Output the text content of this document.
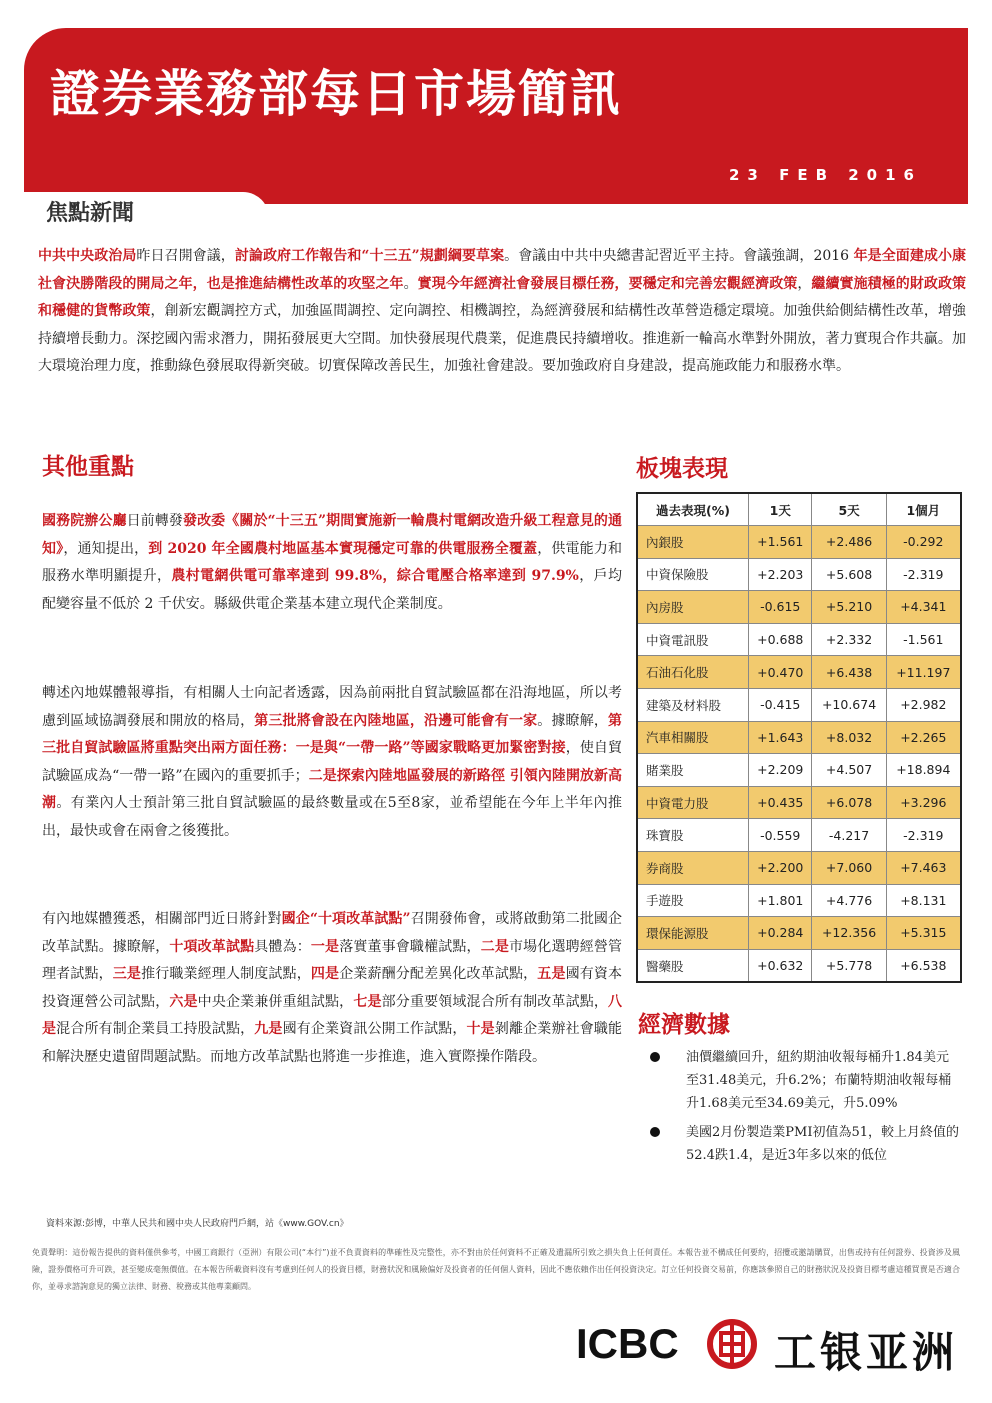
證券業務部每日市場簡訊
23 FEB 2016
焦點新聞

中共中央政治局昨日召開會議，討論政府工作報告和“十三五”規劃綱要草案。會議由中共中央總書記習近平主持。會議強調，2016 年是全面建成小康社會決勝階段的開局之年，也是推進結構性改革的攻堅之年。實現今年經濟社會發展目標任務，要穩定和完善宏觀經濟政策，繼續實施積極的財政政策和穩健的貨幣政策，創新宏觀調控方式，加強區間調控、定向調控、相機調控，為經濟發展和結構性改革營造穩定環境。加強供給側結構性改革，增強持續增長動力。深挖國內需求潛力，開拓發展更大空間。加快發展現代農業，促進農民持續增收。推進新一輪高水準對外開放，著力實現合作共贏。加大環境治理力度，推動綠色發展取得新突破。切實保障改善民生，加強社會建設。要加強政府自身建設，提高施政能力和服務水準。

其他重點

國務院辦公廳日前轉發發改委《關於“十三五”期間實施新一輪農村電網改造升級工程意見的通知》，通知提出，到 2020 年全國農村地區基本實現穩定可靠的供電服務全覆蓋，供電能力和服務水準明顯提升，農村電網供電可靠率達到 99.8%，綜合電壓合格率達到 97.9%，戶均配變容量不低於 2 千伏安。縣級供電企業基本建立現代企業制度。

轉述內地媒體報導指，有相關人士向記者透露，因為前兩批自貿試驗區都在沿海地區，所以考慮到區域協調發展和開放的格局，第三批將會設在內陸地區，沿邊可能會有一家。據瞭解，第三批自貿試驗區將重點突出兩方面任務：一是與“一帶一路”等國家戰略更加緊密對接，使自貿試驗區成為“一帶一路”在國內的重要抓手；二是探索內陸地區發展的新路徑 引領內陸開放新高潮。有業內人士預計第三批自貿試驗區的最終數量或在5至8家，並希望能在今年上半年內推出，最快或會在兩會之後獲批。

有內地媒體獲悉，相關部門近日將針對國企“十項改革試點”召開發佈會，或將啟動第二批國企改革試點。據瞭解，十項改革試點具體為：一是落實董事會職權試點，二是市場化選聘經營管理者試點，三是推行職業經理人制度試點，四是企業薪酬分配差異化改革試點，五是國有資本投資運營公司試點，六是中央企業兼併重組試點，七是部分重要領域混合所有制改革試點，八是混合所有制企業員工持股試點，九是國有企業資訊公開工作試點，十是剝離企業辦社會職能和解決歷史遺留問題試點。而地方改革試點也將進一步推進，進入實際操作階段。

板塊表現
過去表現(%)	1天	5天	1個月
內銀股	+1.561	+2.486	-0.292
中資保險股	+2.203	+5.608	-2.319
內房股	-0.615	+5.210	+4.341
中資電訊股	+0.688	+2.332	-1.561
石油石化股	+0.470	+6.438	+11.197
建築及材料股	-0.415	+10.674	+2.982
汽車相關股	+1.643	+8.032	+2.265
賭業股	+2.209	+4.507	+18.894
中資電力股	+0.435	+6.078	+3.296
珠寶股	-0.559	-4.217	-2.319
券商股	+2.200	+7.060	+7.463
手遊股	+1.801	+4.776	+8.131
環保能源股	+0.284	+12.356	+5.315
醫藥股	+0.632	+5.778	+6.538
經濟數據
油價繼續回升，紐約期油收報每桶升1.84美元至31.48美元，升6.2%；布蘭特期油收報每桶升1.68美元至34.69美元，升5.09%
美國2月份製造業PMI初值為51，較上月終值的52.4跌1.4，是近3年多以來的低位
資料來源:彭博，中華人民共和國中央人民政府門戶網，站《www.GOV.cn》

免責聲明：這份報告提供的資料僅供參考，中國工商銀行（亞洲）有限公司(“本行”)並不負責資料的準確性及完整性，亦不對由於任何資料不正確及遺漏所引致之損失負上任何責任。本報告並不構成任何要約，招攬或邀請購買，出售或持有任何證券、投資涉及風險，證券價格可升可跌，甚至變成毫無價值。在本報告所載資料沒有考慮到任何人的投資目標，財務狀況和風險偏好及投資者的任何個人資料，因此不應依賴作出任何投資決定。訂立任何投資交易前，你應該參照自己的財務狀況及投資目標考慮這種買賣是否適合你，並尋求諮詢意見的獨立法律、財務、稅務或其他專業顧問。

ICBC 工银亚洲
